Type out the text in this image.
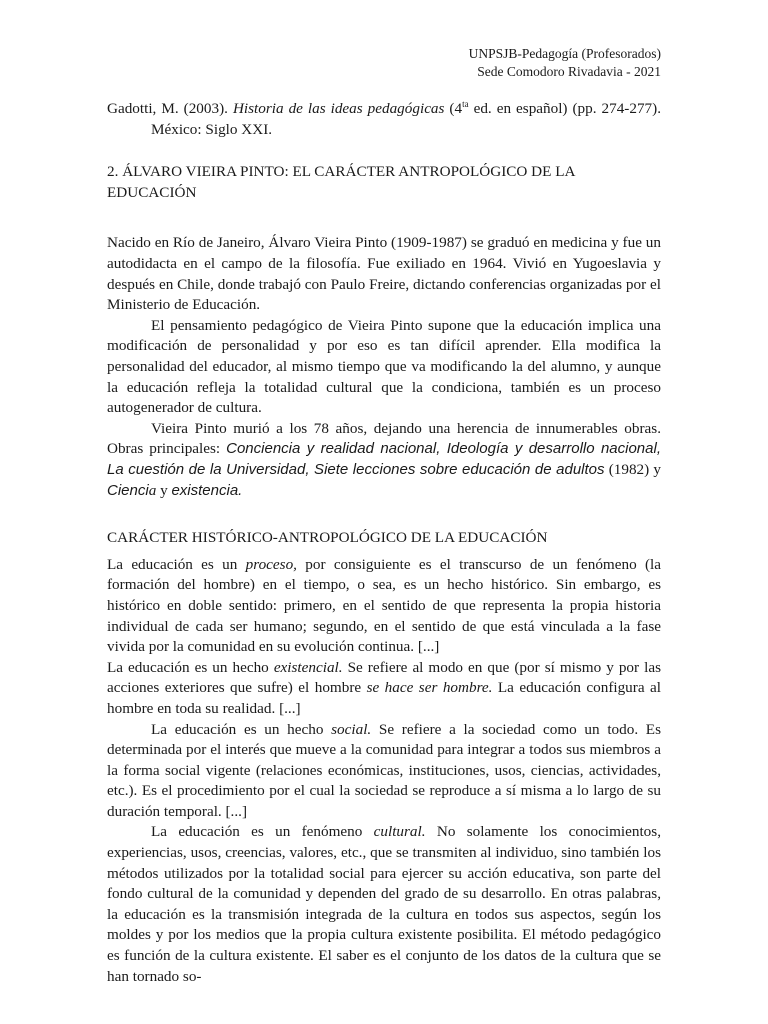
UNPSJB-Pedagogía (Profesorados)
Sede Comodoro Rivadavia - 2021

Gadotti, M. (2003). Historia de las ideas pedagógicas ($4^{ta}$ ed. en español) (pp. 274-277). México: Siglo XXI.

2. ÁLVARO VIEIRA PINTO: EL CARÁCTER ANTROPOLÓGICO DE LA EDUCACIÓN

Nacido en Río de Janeiro, Álvaro Vieira Pinto (1909-1987) se graduó en medicina y fue un autodidacta en el campo de la filosofía. Fue exiliado en 1964. Vivió en Yugoeslavia y después en Chile, donde trabajó con Paulo Freire, dictando conferencias organizadas por el Ministerio de Educación.

El pensamiento pedagógico de Vieira Pinto supone que la educación implica una modificación de personalidad y por eso es tan difícil aprender. Ella modifica la personalidad del educador, al mismo tiempo que va modificando la del alumno, y aunque la educación refleja la totalidad cultural que la condiciona, también es un proceso autogenerador de cultura.

Vieira Pinto murió a los 78 años, dejando una herencia de innumerables obras. Obras principales: Conciencia y realidad nacional, Ideología y desarrollo nacional, La cuestión de la Universidad, Siete lecciones sobre educación de adultos (1982) y Ciencia y existencia.

CARÁCTER HISTÓRICO-ANTROPOLÓGICO DE LA EDUCACIÓN

La educación es un proceso, por consiguiente es el transcurso de un fenómeno (la formación del hombre) en el tiempo, o sea, es un hecho histórico. Sin embargo, es histórico en doble sentido: primero, en el sentido de que representa la propia historia individual de cada ser humano; segundo, en el sentido de que está vinculada a la fase vivida por la comunidad en su evolución continua. [...]

La educación es un hecho existencial. Se refiere al modo en que (por sí mismo y por las acciones exteriores que sufre) el hombre se hace ser hombre. La educación configura al hombre en toda su realidad. [...]

La educación es un hecho social. Se refiere a la sociedad como un todo. Es determinada por el interés que mueve a la comunidad para integrar a todos sus miembros a la forma social vigente (relaciones económicas, instituciones, usos, ciencias, actividades, etc.). Es el procedimiento por el cual la sociedad se reproduce a sí misma a lo largo de su duración temporal. [...]

La educación es un fenómeno cultural. No solamente los conocimientos, experiencias, usos, creencias, valores, etc., que se transmiten al individuo, sino también los métodos utilizados por la totalidad social para ejercer su acción educativa, son parte del fondo cultural de la comunidad y dependen del grado de su desarrollo. En otras palabras, la educación es la transmisión integrada de la cultura en todos sus aspectos, según los moldes y por los medios que la propia cultura existente posibilita. El método pedagógico es función de la cultura existente. El saber es el conjunto de los datos de la cultura que se han tornado so-
